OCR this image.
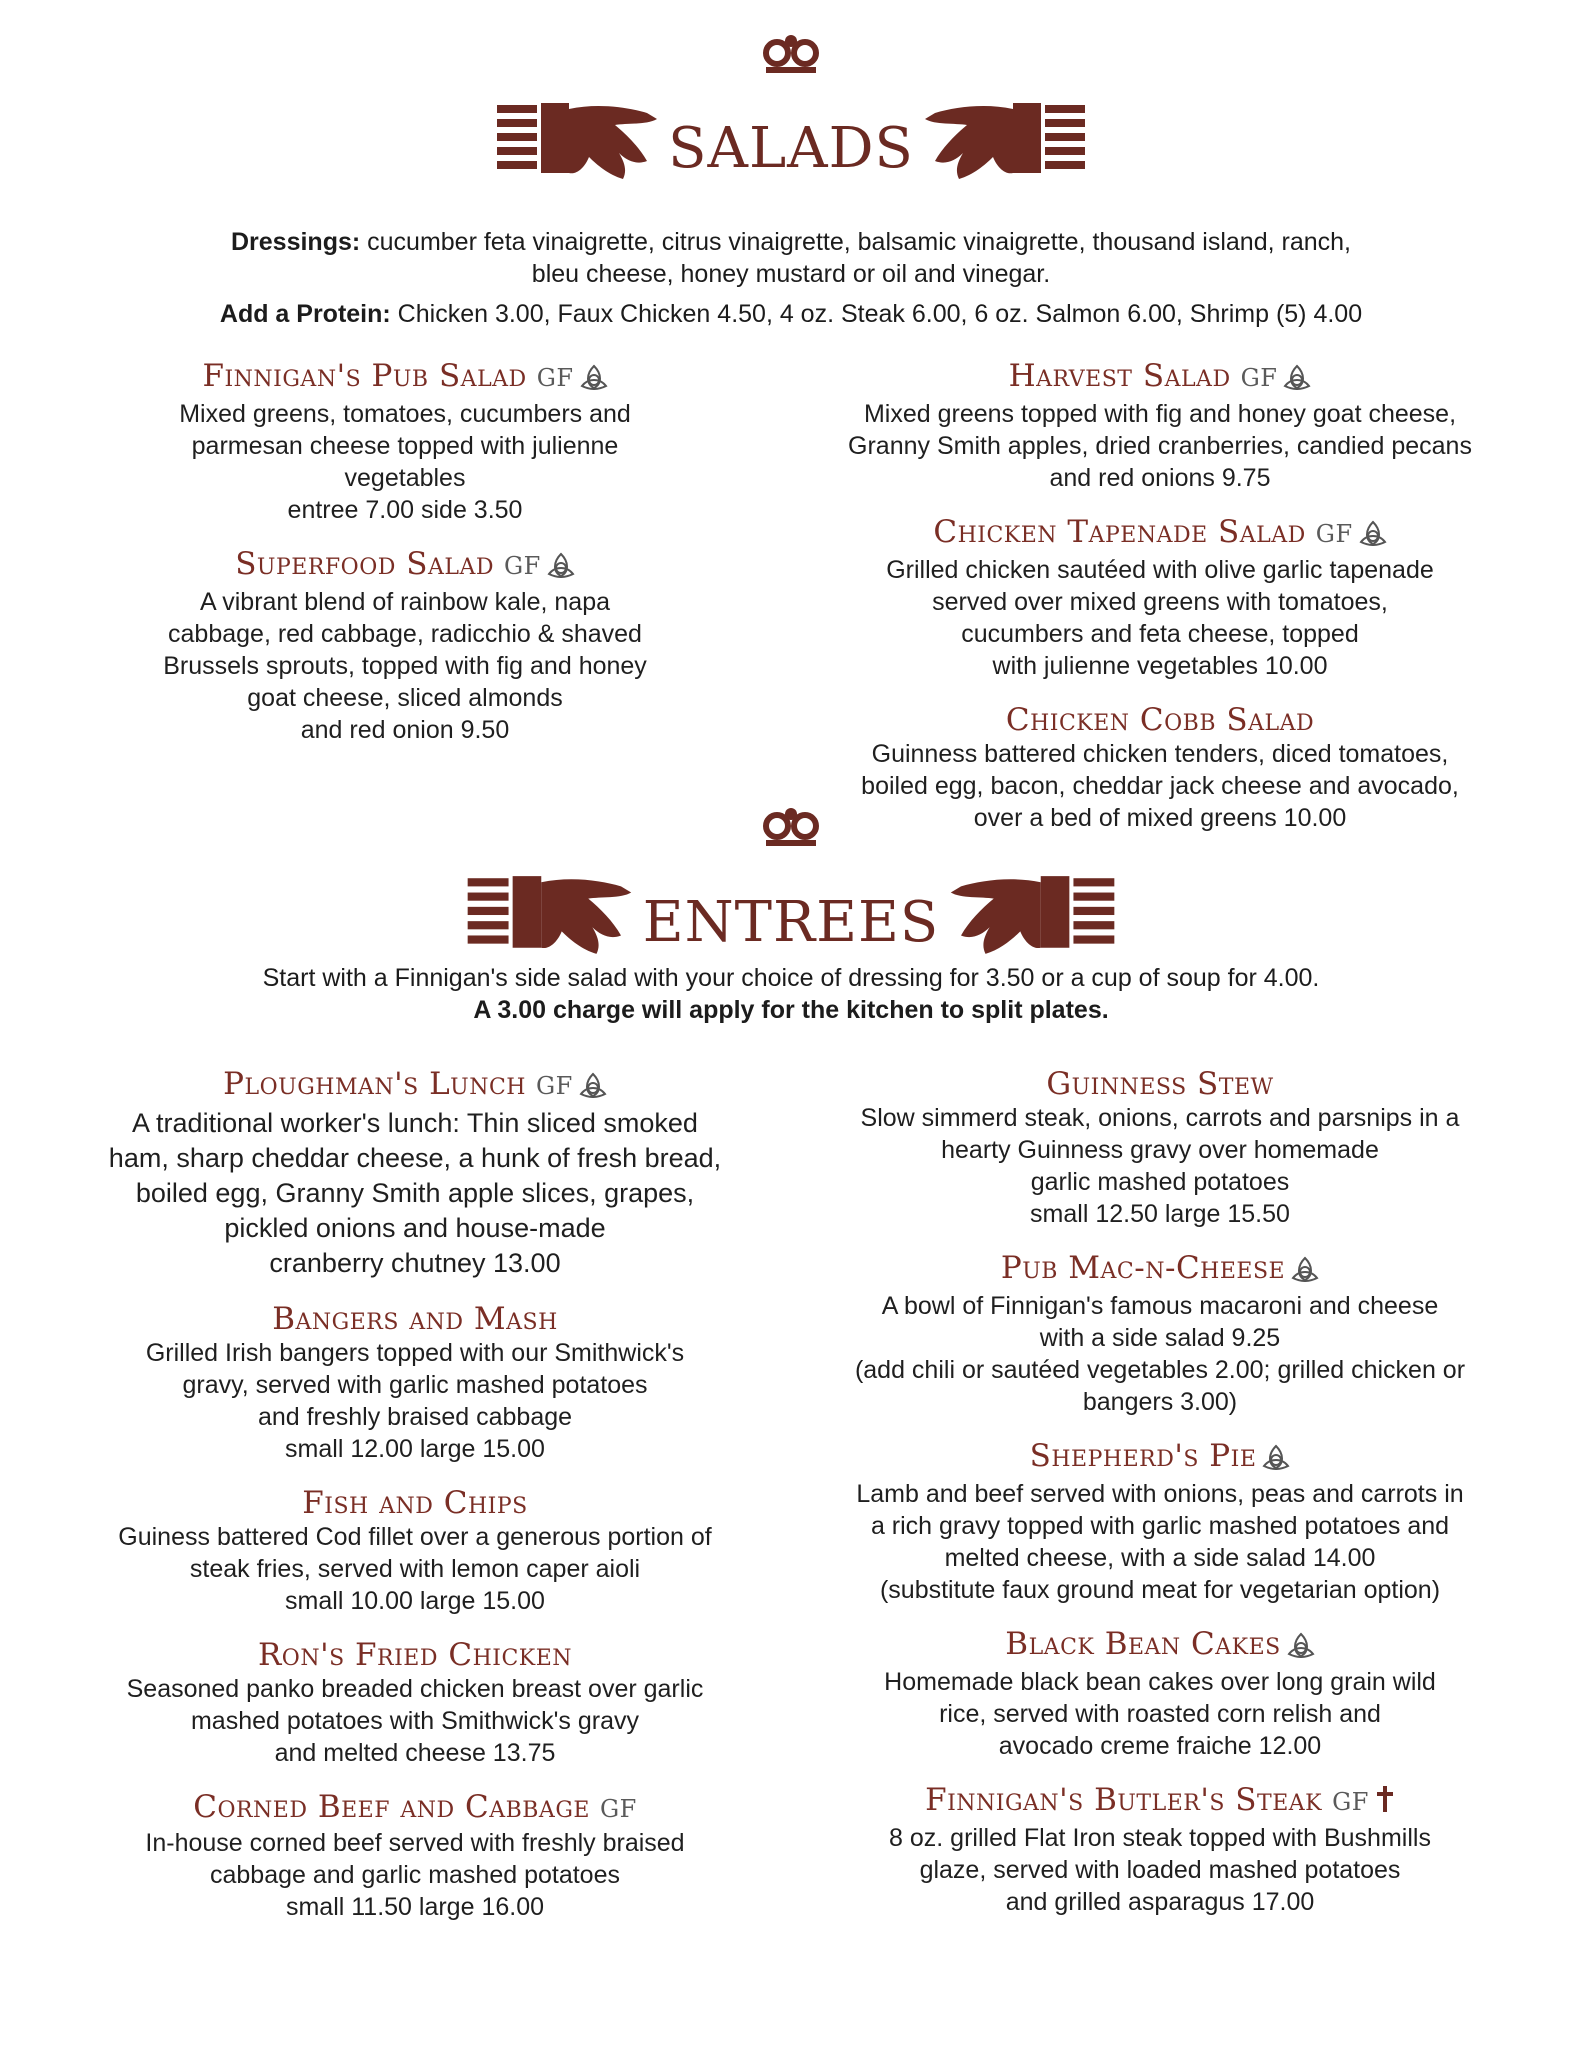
SALADS
Dressings: cucumber feta vinaigrette, citrus vinaigrette, balsamic vinaigrette, thousand island, ranch,
bleu cheese, honey mustard or oil and vinegar.
Add a Protein: Chicken 3.00, Faux Chicken 4.50, 4 oz. Steak 6.00, 6 oz. Salmon 6.00, Shrimp (5) 4.00
Finnigan's Pub Salad GF
Mixed greens, tomatoes, cucumbers and
parmesan cheese topped with julienne
vegetables
entree 7.00 side 3.50
Superfood Salad GF
A vibrant blend of rainbow kale, napa
cabbage, red cabbage, radicchio & shaved
Brussels sprouts, topped with fig and honey
goat cheese, sliced almonds
and red onion 9.50
Harvest Salad GF
Mixed greens topped with fig and honey goat cheese,
Granny Smith apples, dried cranberries, candied pecans
and red onions 9.75
Chicken Tapenade Salad GF
Grilled chicken sautéed with olive garlic tapenade
served over mixed greens with tomatoes,
cucumbers and feta cheese, topped
with julienne vegetables 10.00
Chicken Cobb Salad
Guinness battered chicken tenders, diced tomatoes,
boiled egg, bacon, cheddar jack cheese and avocado,
over a bed of mixed greens 10.00
ENTREES
Start with a Finnigan's side salad with your choice of dressing for 3.50 or a cup of soup for 4.00.
A 3.00 charge will apply for the kitchen to split plates.
Ploughman's Lunch GF
A traditional worker's lunch: Thin sliced smoked
ham, sharp cheddar cheese, a hunk of fresh bread,
boiled egg, Granny Smith apple slices, grapes,
pickled onions and house-made
cranberry chutney 13.00
Bangers and Mash
Grilled Irish bangers topped with our Smithwick's
gravy, served with garlic mashed potatoes
and freshly braised cabbage
small 12.00 large 15.00
Fish and Chips
Guiness battered Cod fillet over a generous portion of
steak fries, served with lemon caper aioli
small 10.00 large 15.00
Ron's Fried Chicken
Seasoned panko breaded chicken breast over garlic
mashed potatoes with Smithwick's gravy
and melted cheese 13.75
Corned Beef and Cabbage GF
In-house corned beef served with freshly braised
cabbage and garlic mashed potatoes
small 11.50 large 16.00
Guinness Stew
Slow simmerd steak, onions, carrots and parsnips in a
hearty Guinness gravy over homemade
garlic mashed potatoes
small 12.50 large 15.50
Pub Mac-n-Cheese
A bowl of Finnigan's famous macaroni and cheese
with a side salad 9.25
(add chili or sautéed vegetables 2.00; grilled chicken or
bangers 3.00)
Shepherd's Pie
Lamb and beef served with onions, peas and carrots in
a rich gravy topped with garlic mashed potatoes and
melted cheese, with a side salad 14.00
(substitute faux ground meat for vegetarian option)
Black Bean Cakes
Homemade black bean cakes over long grain wild
rice, served with roasted corn relish and
avocado creme fraiche 12.00
Finnigan's Butler's Steak GF
8 oz. grilled Flat Iron steak topped with Bushmills
glaze, served with loaded mashed potatoes
and grilled asparagus 17.00
